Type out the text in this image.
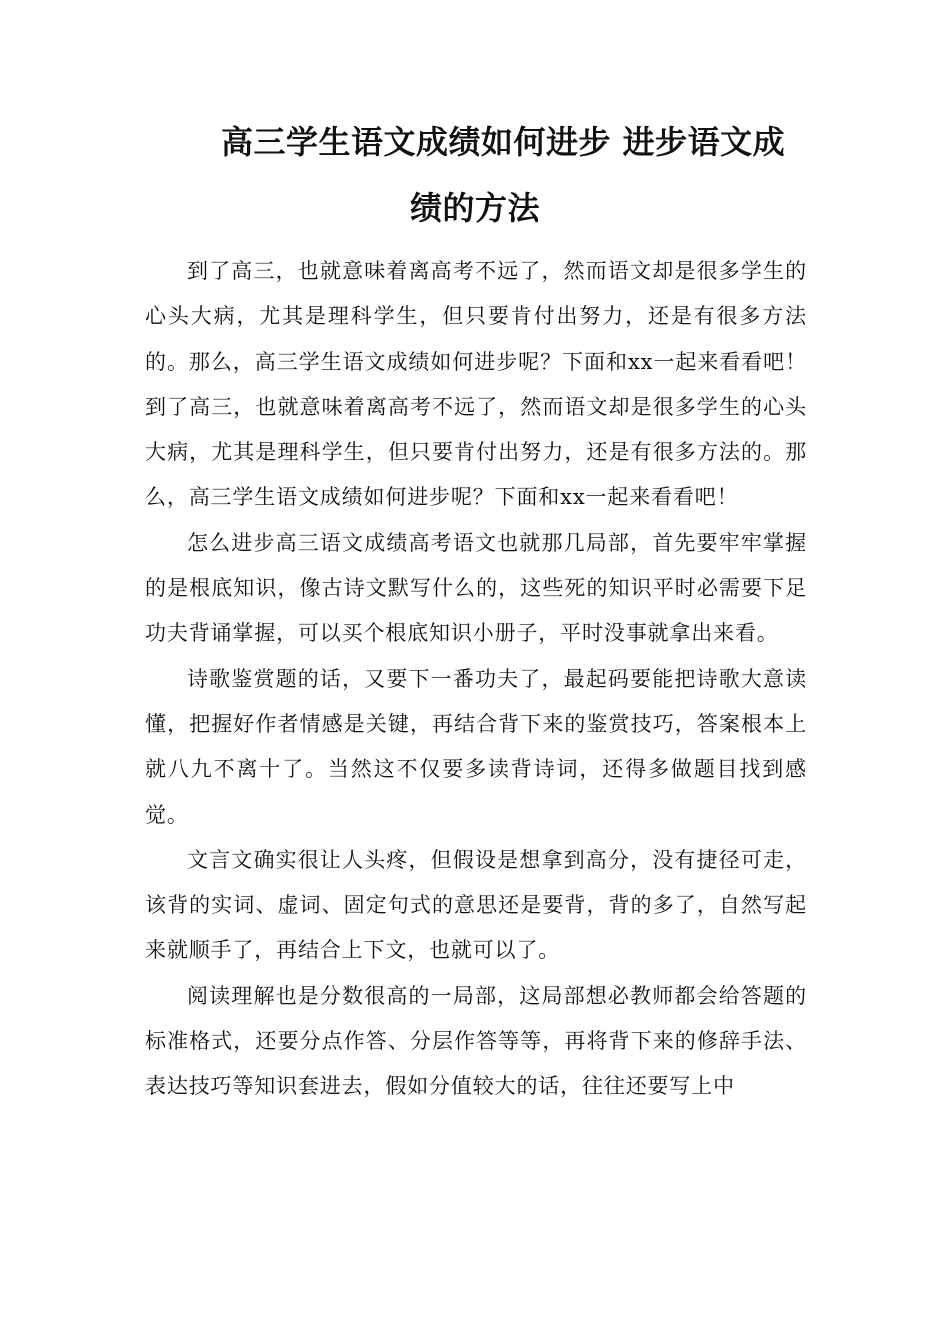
高三学生语文成绩如何进步 进步语文成
绩的方法

到了高三，也就意味着离高考不远了，然而语文却是很多学生的心头大病，尤其是理科学生，但只要肯付出努力，还是有很多方法的。那么，高三学生语文成绩如何进步呢？下面和xx一起来看看吧！到了高三，也就意味着离高考不远了，然而语文却是很多学生的心头大病，尤其是理科学生，但只要肯付出努力，还是有很多方法的。那么，高三学生语文成绩如何进步呢？下面和xx一起来看看吧！

怎么进步高三语文成绩高考语文也就那几局部，首先要牢牢掌握的是根底知识，像古诗文默写什么的，这些死的知识平时必需要下足功夫背诵掌握，可以买个根底知识小册子，平时没事就拿出来看。

诗歌鉴赏题的话，又要下一番功夫了，最起码要能把诗歌大意读懂，把握好作者情感是关键，再结合背下来的鉴赏技巧，答案根本上就八九不离十了。当然这不仅要多读背诗词，还得多做题目找到感觉。

文言文确实很让人头疼，但假设是想拿到高分，没有捷径可走，该背的实词、虚词、固定句式的意思还是要背，背的多了，自然写起来就顺手了，再结合上下文，也就可以了。

阅读理解也是分数很高的一局部，这局部想必教师都会给答题的标准格式，还要分点作答、分层作答等等，再将背下来的修辞手法、表达技巧等知识套进去，假如分值较大的话，往往还要写上中
